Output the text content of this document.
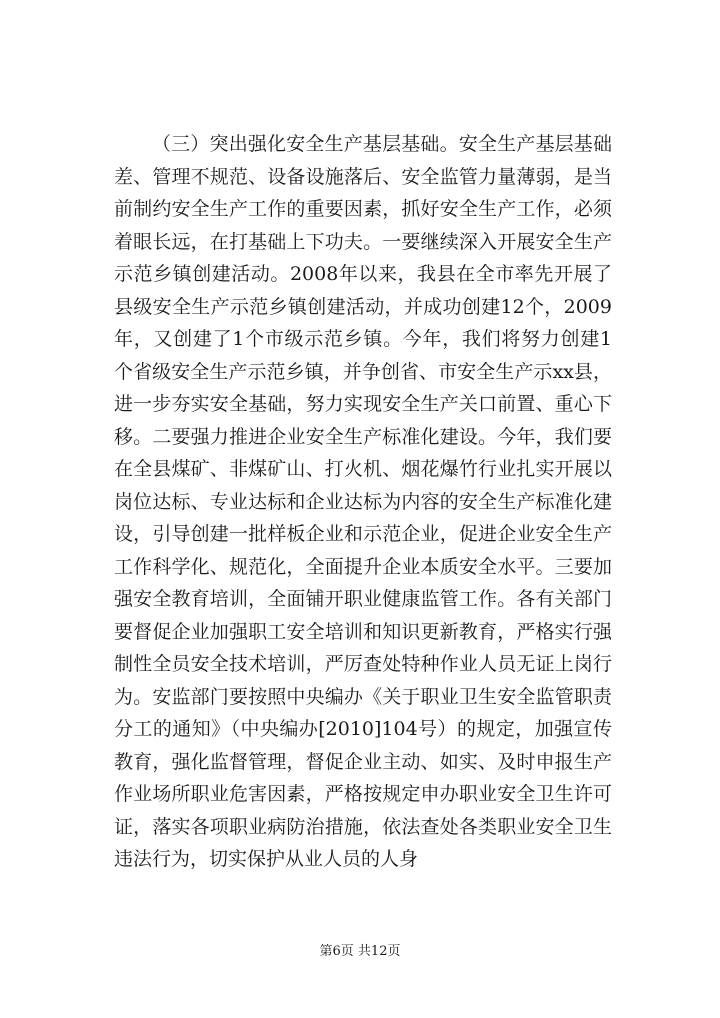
（三）突出强化安全生产基层基础。安全生产基层基础差、管理不规范、设备设施落后、安全监管力量薄弱，是当前制约安全生产工作的重要因素，抓好安全生产工作，必须着眼长远，在打基础上下功夫。一要继续深入开展安全生产示范乡镇创建活动。2008年以来，我县在全市率先开展了县级安全生产示范乡镇创建活动，并成功创建12个，2009年，又创建了1个市级示范乡镇。今年，我们将努力创建1个省级安全生产示范乡镇，并争创省、市安全生产示xx县，进一步夯实安全基础，努力实现安全生产关口前置、重心下移。二要强力推进企业安全生产标准化建设。今年，我们要在全县煤矿、非煤矿山、打火机、烟花爆竹行业扎实开展以岗位达标、专业达标和企业达标为内容的安全生产标准化建设，引导创建一批样板企业和示范企业，促进企业安全生产工作科学化、规范化，全面提升企业本质安全水平。三要加强安全教育培训，全面铺开职业健康监管工作。各有关部门要督促企业加强职工安全培训和知识更新教育，严格实行强制性全员安全技术培训，严厉查处特种作业人员无证上岗行为。安监部门要按照中央编办《关于职业卫生安全监管职责分工的通知》（中央编办[2010]104号）的规定，加强宣传教育，强化监督管理，督促企业主动、如实、及时申报生产作业场所职业危害因素，严格按规定申办职业安全卫生许可证，落实各项职业病防治措施，依法查处各类职业安全卫生违法行为，切实保护从业人员的人身

第6页 共12页
